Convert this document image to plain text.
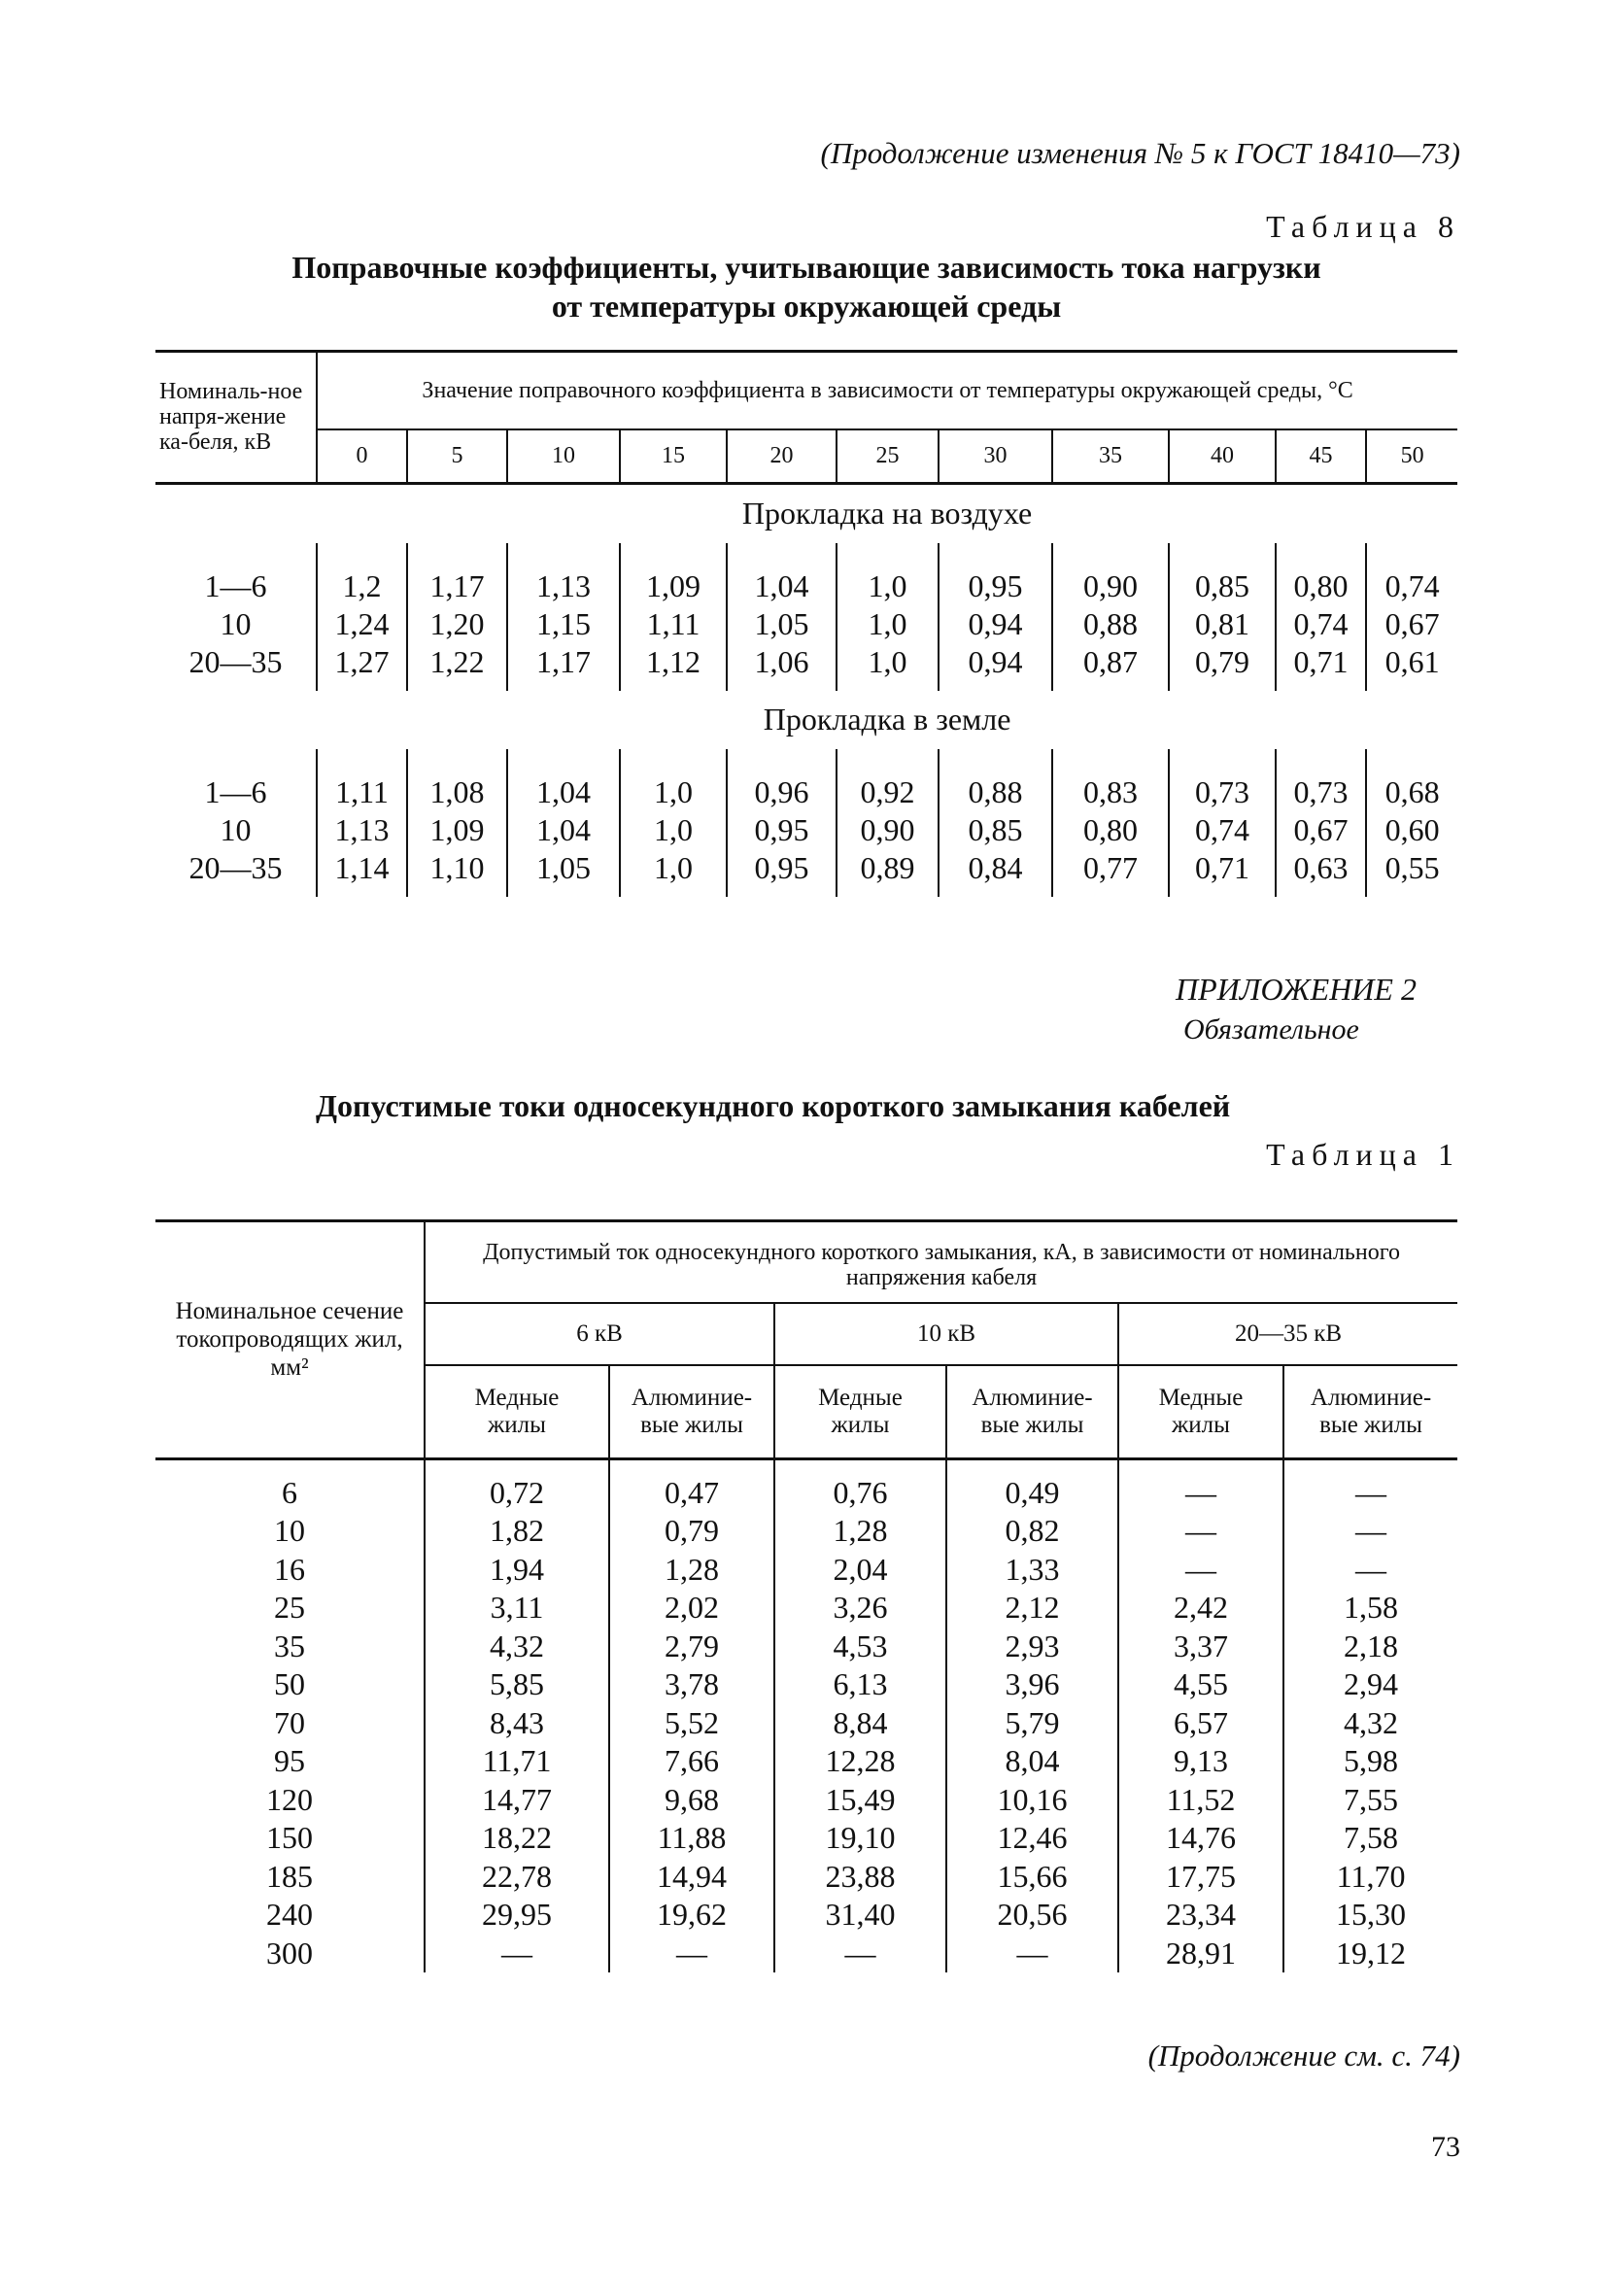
(Продолжение изменения № 5 к ГОСТ 18410—73)
Таблица 8
Поправочные коэффициенты, учитывающие зависимость тока нагрузки
от температуры окружающей среды
Номиналь-ное напря-жение ка-беля, кВ	Значение поправочного коэффициента в зависимости от температуры окружающей среды, °С										
	0	5	10	15	20	25	30	35	40	45	50
	Прокладка на воздухе										
1—6	1,2	1,17	1,13	1,09	1,04	1,0	0,95	0,90	0,85	0,80	0,74
10	1,24	1,20	1,15	1,11	1,05	1,0	0,94	0,88	0,81	0,74	0,67
20—35	1,27	1,22	1,17	1,12	1,06	1,0	0,94	0,87	0,79	0,71	0,61
	Прокладка в земле										
1—6	1,11	1,08	1,04	1,0	0,96	0,92	0,88	0,83	0,73	0,73	0,68
10	1,13	1,09	1,04	1,0	0,95	0,90	0,85	0,80	0,74	0,67	0,60
20—35	1,14	1,10	1,05	1,0	0,95	0,89	0,84	0,77	0,71	0,63	0,55
ПРИЛОЖЕНИЕ 2
Обязательное
Допустимые токи односекундного короткого замыкания кабелей
Таблица 1
Номинальное сечение токопроводящих жил, мм²	Допустимый ток односекундного короткого замыкания, кА, в зависимости от номинального напряжения кабеля					
	6 кВ		10 кВ		20—35 кВ	
	Медные жилы	Алюминие-вые жилы	Медные жилы	Алюминие-вые жилы	Медные жилы	Алюминие-вые жилы
6	0,72	0,47	0,76	0,49	—	—
10	1,82	0,79	1,28	0,82	—	—
16	1,94	1,28	2,04	1,33	—	—
25	3,11	2,02	3,26	2,12	2,42	1,58
35	4,32	2,79	4,53	2,93	3,37	2,18
50	5,85	3,78	6,13	3,96	4,55	2,94
70	8,43	5,52	8,84	5,79	6,57	4,32
95	11,71	7,66	12,28	8,04	9,13	5,98
120	14,77	9,68	15,49	10,16	11,52	7,55
150	18,22	11,88	19,10	12,46	14,76	7,58
185	22,78	14,94	23,88	15,66	17,75	11,70
240	29,95	19,62	31,40	20,56	23,34	15,30
300	—	—	—	—	28,91	19,12
(Продолжение см. с. 74)
73
